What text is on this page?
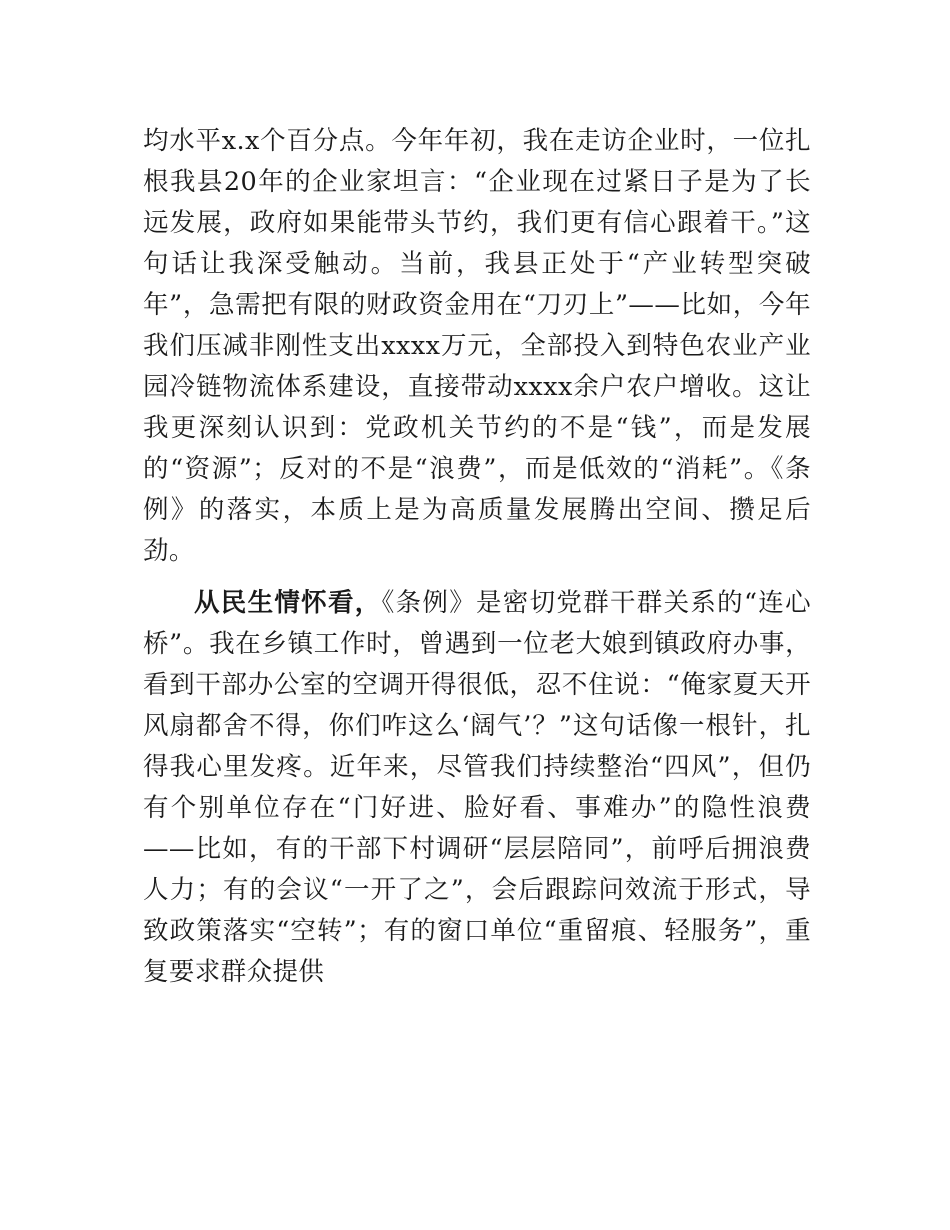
均水平x.x个百分点。今年年初，我在走访企业时，一位扎根我县20年的企业家坦言：“企业现在过紧日子是为了长远发展，政府如果能带头节约，我们更有信心跟着干。”这句话让我深受触动。当前，我县正处于“产业转型突破年”，急需把有限的财政资金用在“刀刃上”——比如，今年我们压减非刚性支出xxxx万元，全部投入到特色农业产业园冷链物流体系建设，直接带动xxxx余户农户增收。这让我更深刻认识到：党政机关节约的不是“钱”，而是发展的“资源”；反对的不是“浪费”，而是低效的“消耗”。《条例》的落实，本质上是为高质量发展腾出空间、攒足后劲。

从民生情怀看，《条例》是密切党群干群关系的“连心桥”。我在乡镇工作时，曾遇到一位老大娘到镇政府办事，看到干部办公室的空调开得很低，忍不住说：“俺家夏天开风扇都舍不得，你们咋这么‘阔气’？”这句话像一根针，扎得我心里发疼。近年来，尽管我们持续整治“四风”，但仍有个别单位存在“门好进、脸好看、事难办”的隐性浪费——比如，有的干部下村调研“层层陪同”，前呼后拥浪费人力；有的会议“一开了之”，会后跟踪问效流于形式，导致政策落实“空转”；有的窗口单位“重留痕、轻服务”，重复要求群众提供
